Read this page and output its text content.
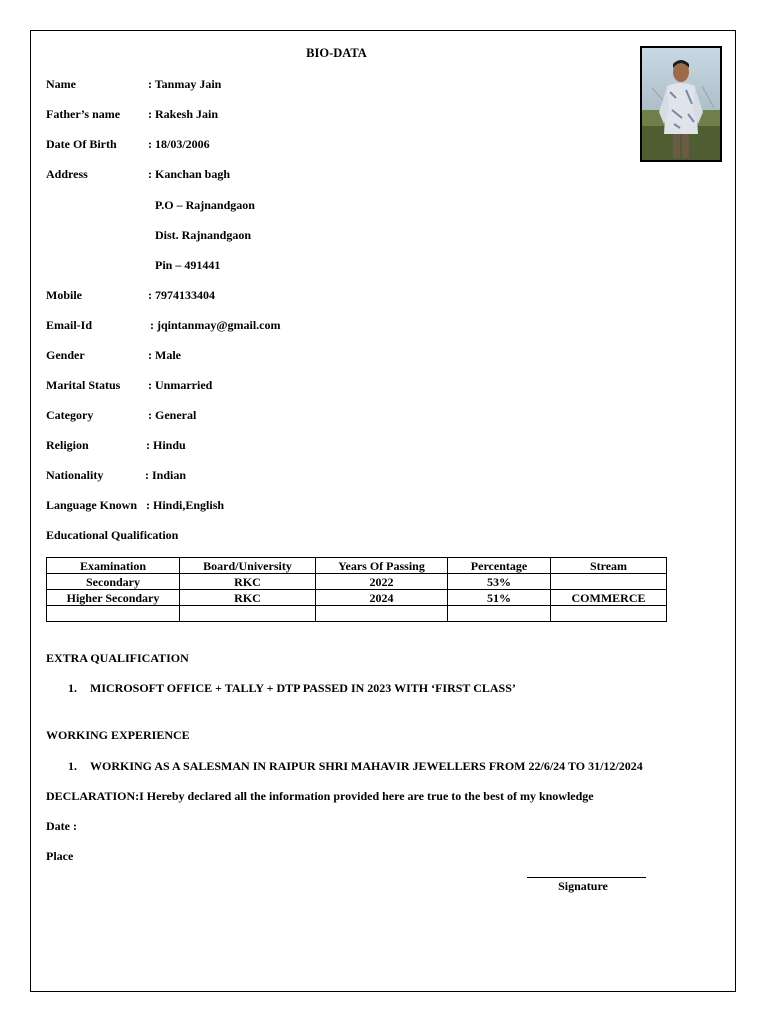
BIO-DATA
Name	: Tanmay Jain
Father’s name : Rakesh Jain
Date Of Birth	: 18/03/2006
Address	: Kanchan bagh
P.O – Rajnandgaon
Dist. Rajnandgaon
Pin – 491441
Mobile	: 7974133404
Email-Id	: jqintanmay@gmail.com
Gender	: Male
Marital Status : Unmarried
Category	: General
Religion	: Hindu
Nationality	: Indian
Language Known : Hindi,English
Educational Qualification
Examination	Board/University	Years Of Passing	Percentage	Stream
Secondary	RKC	2022	53%	
Higher Secondary	RKC	2024	51%	COMMERCE

EXTRA QUALIFICATION
1. MICROSOFT OFFICE + TALLY + DTP PASSED IN 2023 WITH ‘FIRST CLASS’
WORKING EXPERIENCE
1. WORKING AS A SALESMAN IN RAIPUR SHRI MAHAVIR JEWELLERS FROM 22/6/24 TO 31/12/2024
DECLARATION:I Hereby declared all the information provided here are true to the best of my knowledge
Date :
Place
Signature
